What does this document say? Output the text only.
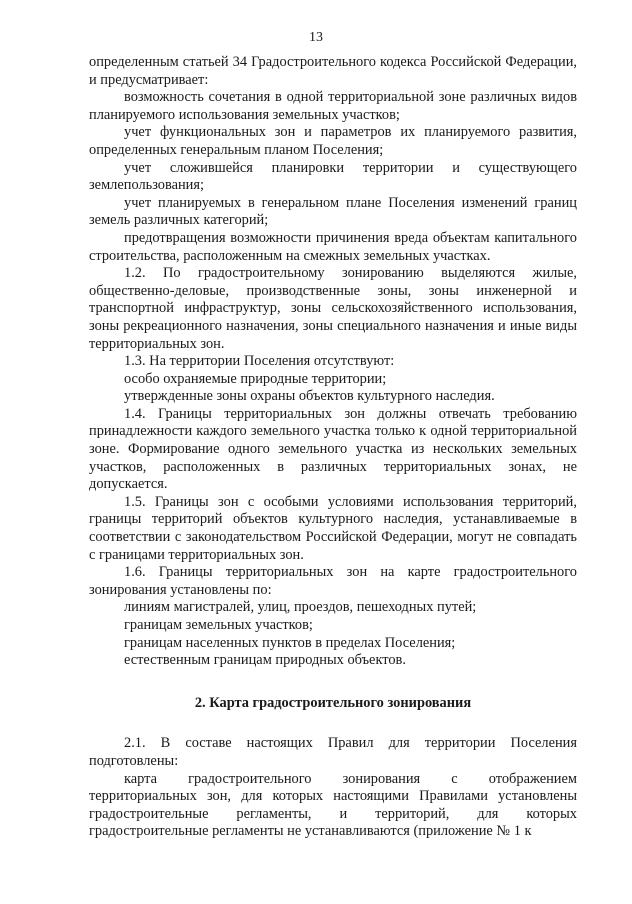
13

определенным статьей 34 Градостроительного кодекса Российской Федерации, и предусматривает:

возможность сочетания в одной территориальной зоне различных видов планируемого использования земельных участков;

учет функциональных зон и параметров их планируемого развития, определенных генеральным планом Поселения;

учет сложившейся планировки территории и существующего землепользования;

учет планируемых в генеральном плане Поселения изменений границ земель различных категорий;

предотвращения возможности причинения вреда объектам капитального строительства, расположенным на смежных земельных участках.

1.2. По градостроительному зонированию выделяются жилые, общественно-деловые, производственные зоны, зоны инженерной и транспортной инфраструктур, зоны сельскохозяйственного использования, зоны рекреационного назначения, зоны специального назначения и иные виды территориальных зон.

1.3. На территории Поселения отсутствуют:

особо охраняемые природные территории;

утвержденные зоны охраны объектов культурного наследия.

1.4. Границы территориальных зон должны отвечать требованию принадлежности каждого земельного участка только к одной территориальной зоне. Формирование одного земельного участка из нескольких земельных участков, расположенных в различных территориальных зонах, не допускается.

1.5. Границы зон с особыми условиями использования территорий, границы территорий объектов культурного наследия, устанавливаемые в соответствии с законодательством Российской Федерации, могут не совпадать с границами территориальных зон.

1.6. Границы территориальных зон на карте градостроительного зонирования установлены по:

линиям магистралей, улиц, проездов, пешеходных путей;

границам земельных участков;

границам населенных пунктов в пределах Поселения;

естественным границам природных объектов.

2. Карта градостроительного зонирования

2.1. В составе настоящих Правил для территории Поселения подготовлены:

карта градостроительного зонирования с отображением территориальных зон, для которых настоящими Правилами установлены градостроительные регламенты, и территорий, для которых градостроительные регламенты не устанавливаются (приложение № 1 к
